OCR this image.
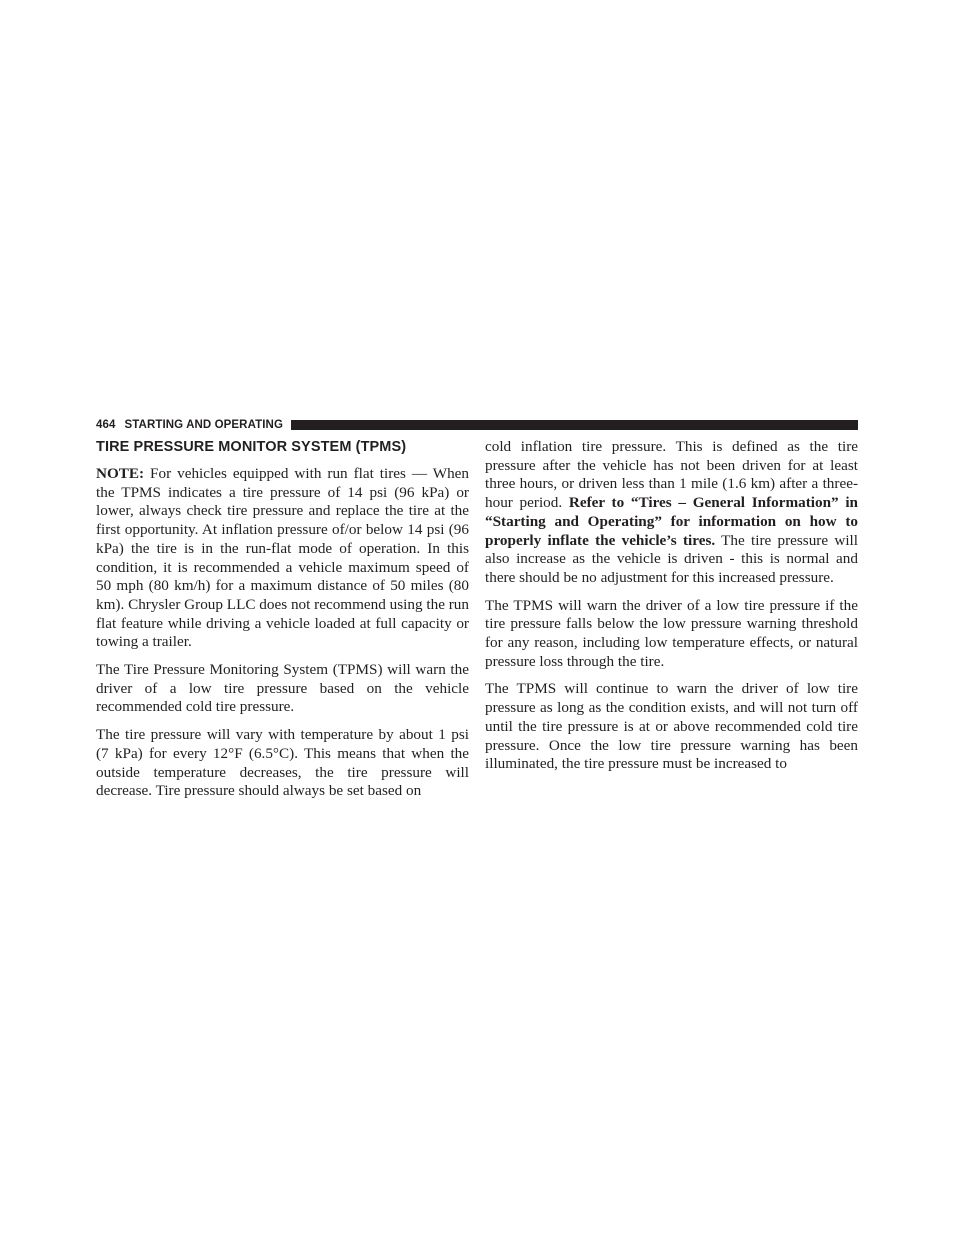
464 STARTING AND OPERATING
TIRE PRESSURE MONITOR SYSTEM (TPMS)

NOTE: For vehicles equipped with run flat tires — When the TPMS indicates a tire pressure of 14 psi (96 kPa) or lower, always check tire pressure and replace the tire at the first opportunity. At inflation pressure of/or below 14 psi (96 kPa) the tire is in the run-flat mode of operation. In this condition, it is recommended a vehicle maximum speed of 50 mph (80 km/h) for a maximum distance of 50 miles (80 km). Chrysler Group LLC does not recommend using the run flat feature while driving a vehicle loaded at full capacity or towing a trailer.

The Tire Pressure Monitoring System (TPMS) will warn the driver of a low tire pressure based on the vehicle recommended cold tire pressure.

The tire pressure will vary with temperature by about 1 psi (7 kPa) for every 12°F (6.5°C). This means that when the outside temperature decreases, the tire pressure will decrease. Tire pressure should always be set based on

cold inflation tire pressure. This is defined as the tire pressure after the vehicle has not been driven for at least three hours, or driven less than 1 mile (1.6 km) after a three-hour period. Refer to “Tires – General Information” in “Starting and Operating” for information on how to properly inflate the vehicle’s tires. The tire pressure will also increase as the vehicle is driven - this is normal and there should be no adjustment for this increased pressure.

The TPMS will warn the driver of a low tire pressure if the tire pressure falls below the low pressure warning threshold for any reason, including low temperature effects, or natural pressure loss through the tire.

The TPMS will continue to warn the driver of low tire pressure as long as the condition exists, and will not turn off until the tire pressure is at or above recommended cold tire pressure. Once the low tire pressure warning has been illuminated, the tire pressure must be increased to
